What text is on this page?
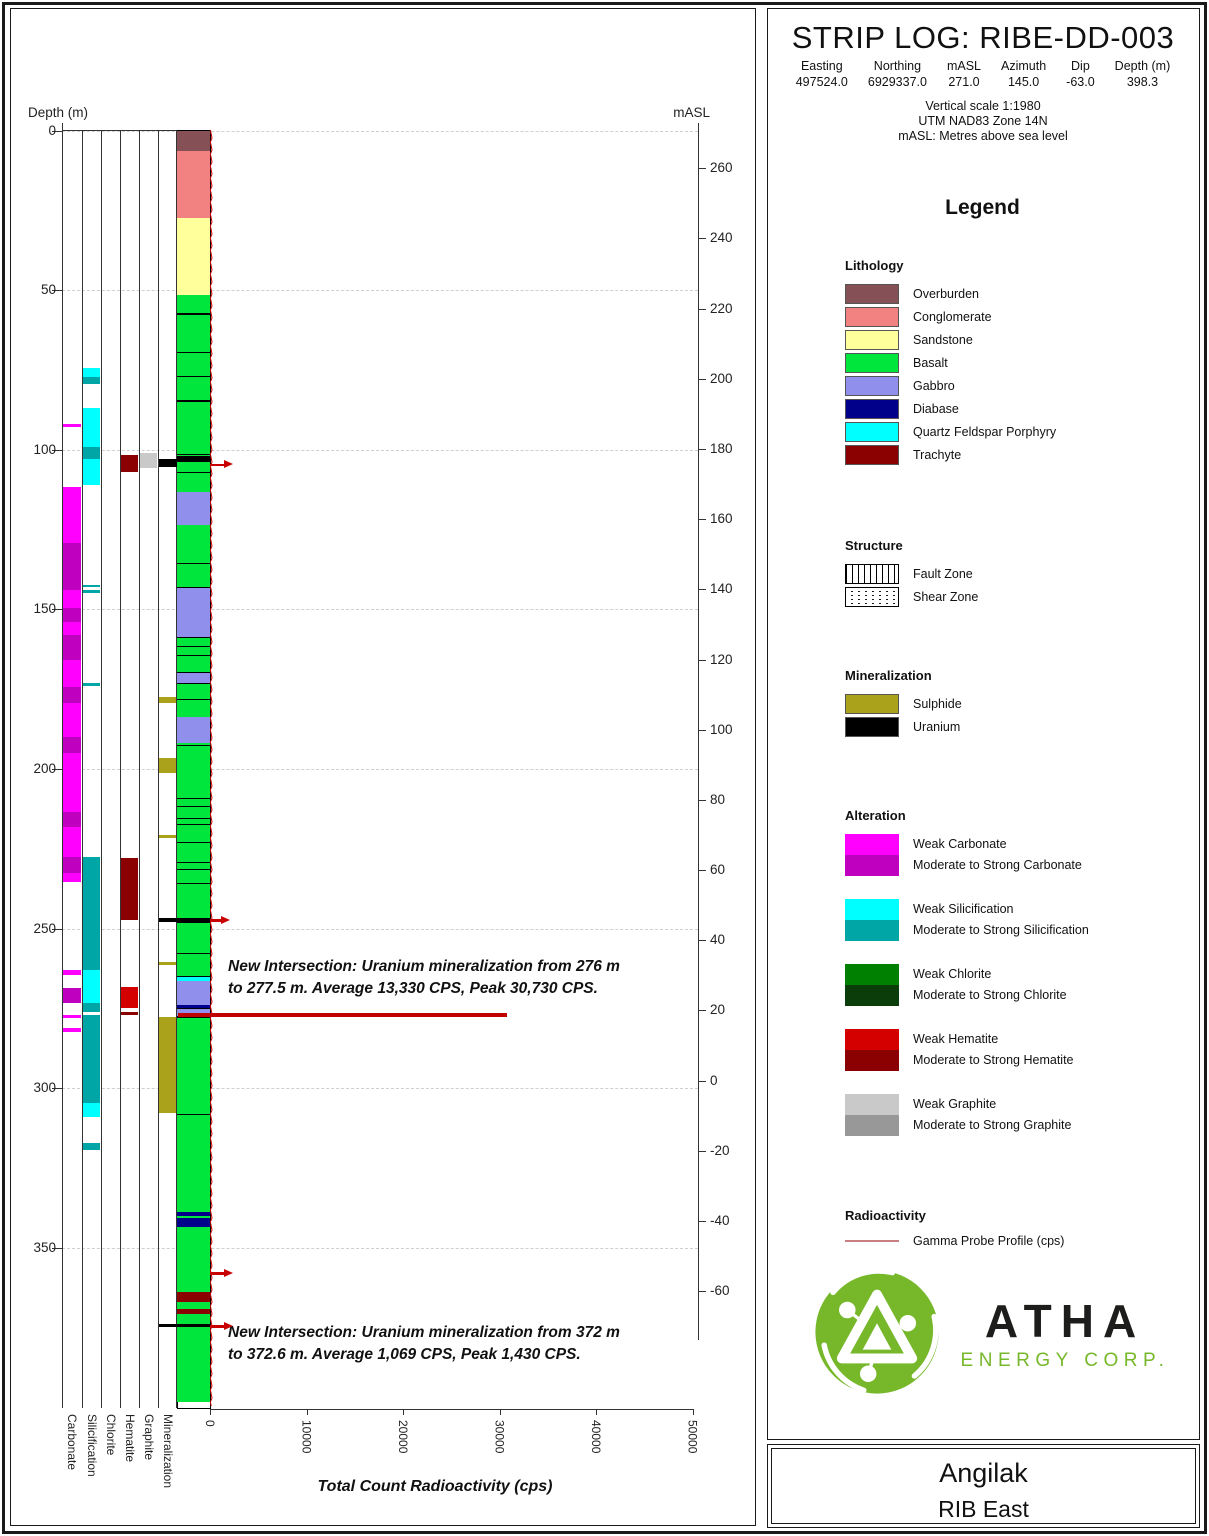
Angilak
RIB East
Depth (m)	mASL
Total Count Radioactivity (cps)
New Intersection: Uranium mineralization from 276 m
to 277.5 m. Average 13,330 CPS, Peak 30,730 CPS.
New Intersection: Uranium mineralization from 372 m
to 372.6 m. Average 1,069 CPS, Peak 1,430 CPS.
STRIP LOG: RIBE-DD-003
Easting
497524.0
Northing
6929337.0
mASL
271.0
Azimuth
145.0
Dip
-63.0
Depth (m)
398.3
Vertical scale 1:1980
UTM NAD83 Zone 14N
mASL: Metres above sea level
Legend
Lithology
Overburden
Conglomerate
Sandstone
Basalt
Gabbro
Diabase
Quartz Feldspar Porphyry
Trachyte
Structure
Fault Zone
Shear Zone
Mineralization
Sulphide
Uranium
Alteration
Weak Carbonate
Moderate to Strong Carbonate
Weak Silicification
Moderate to Strong Silicification
Weak Chlorite
Moderate to Strong Chlorite
Weak Hematite
Moderate to Strong Hematite
Weak Graphite
Moderate to Strong Graphite
Radioactivity
Gamma Probe Profile (cps)
ATHA
ENERGY CORP.
0
50
100
150
200
250
300
350
260
240
220
200
180
160
140
120
100
80
60
40
20
0
-20
-40
-60
Carbonate Silicification Chlorite Hematite Graphite Mineralization 0	10000	20000	30000	40000	50000
